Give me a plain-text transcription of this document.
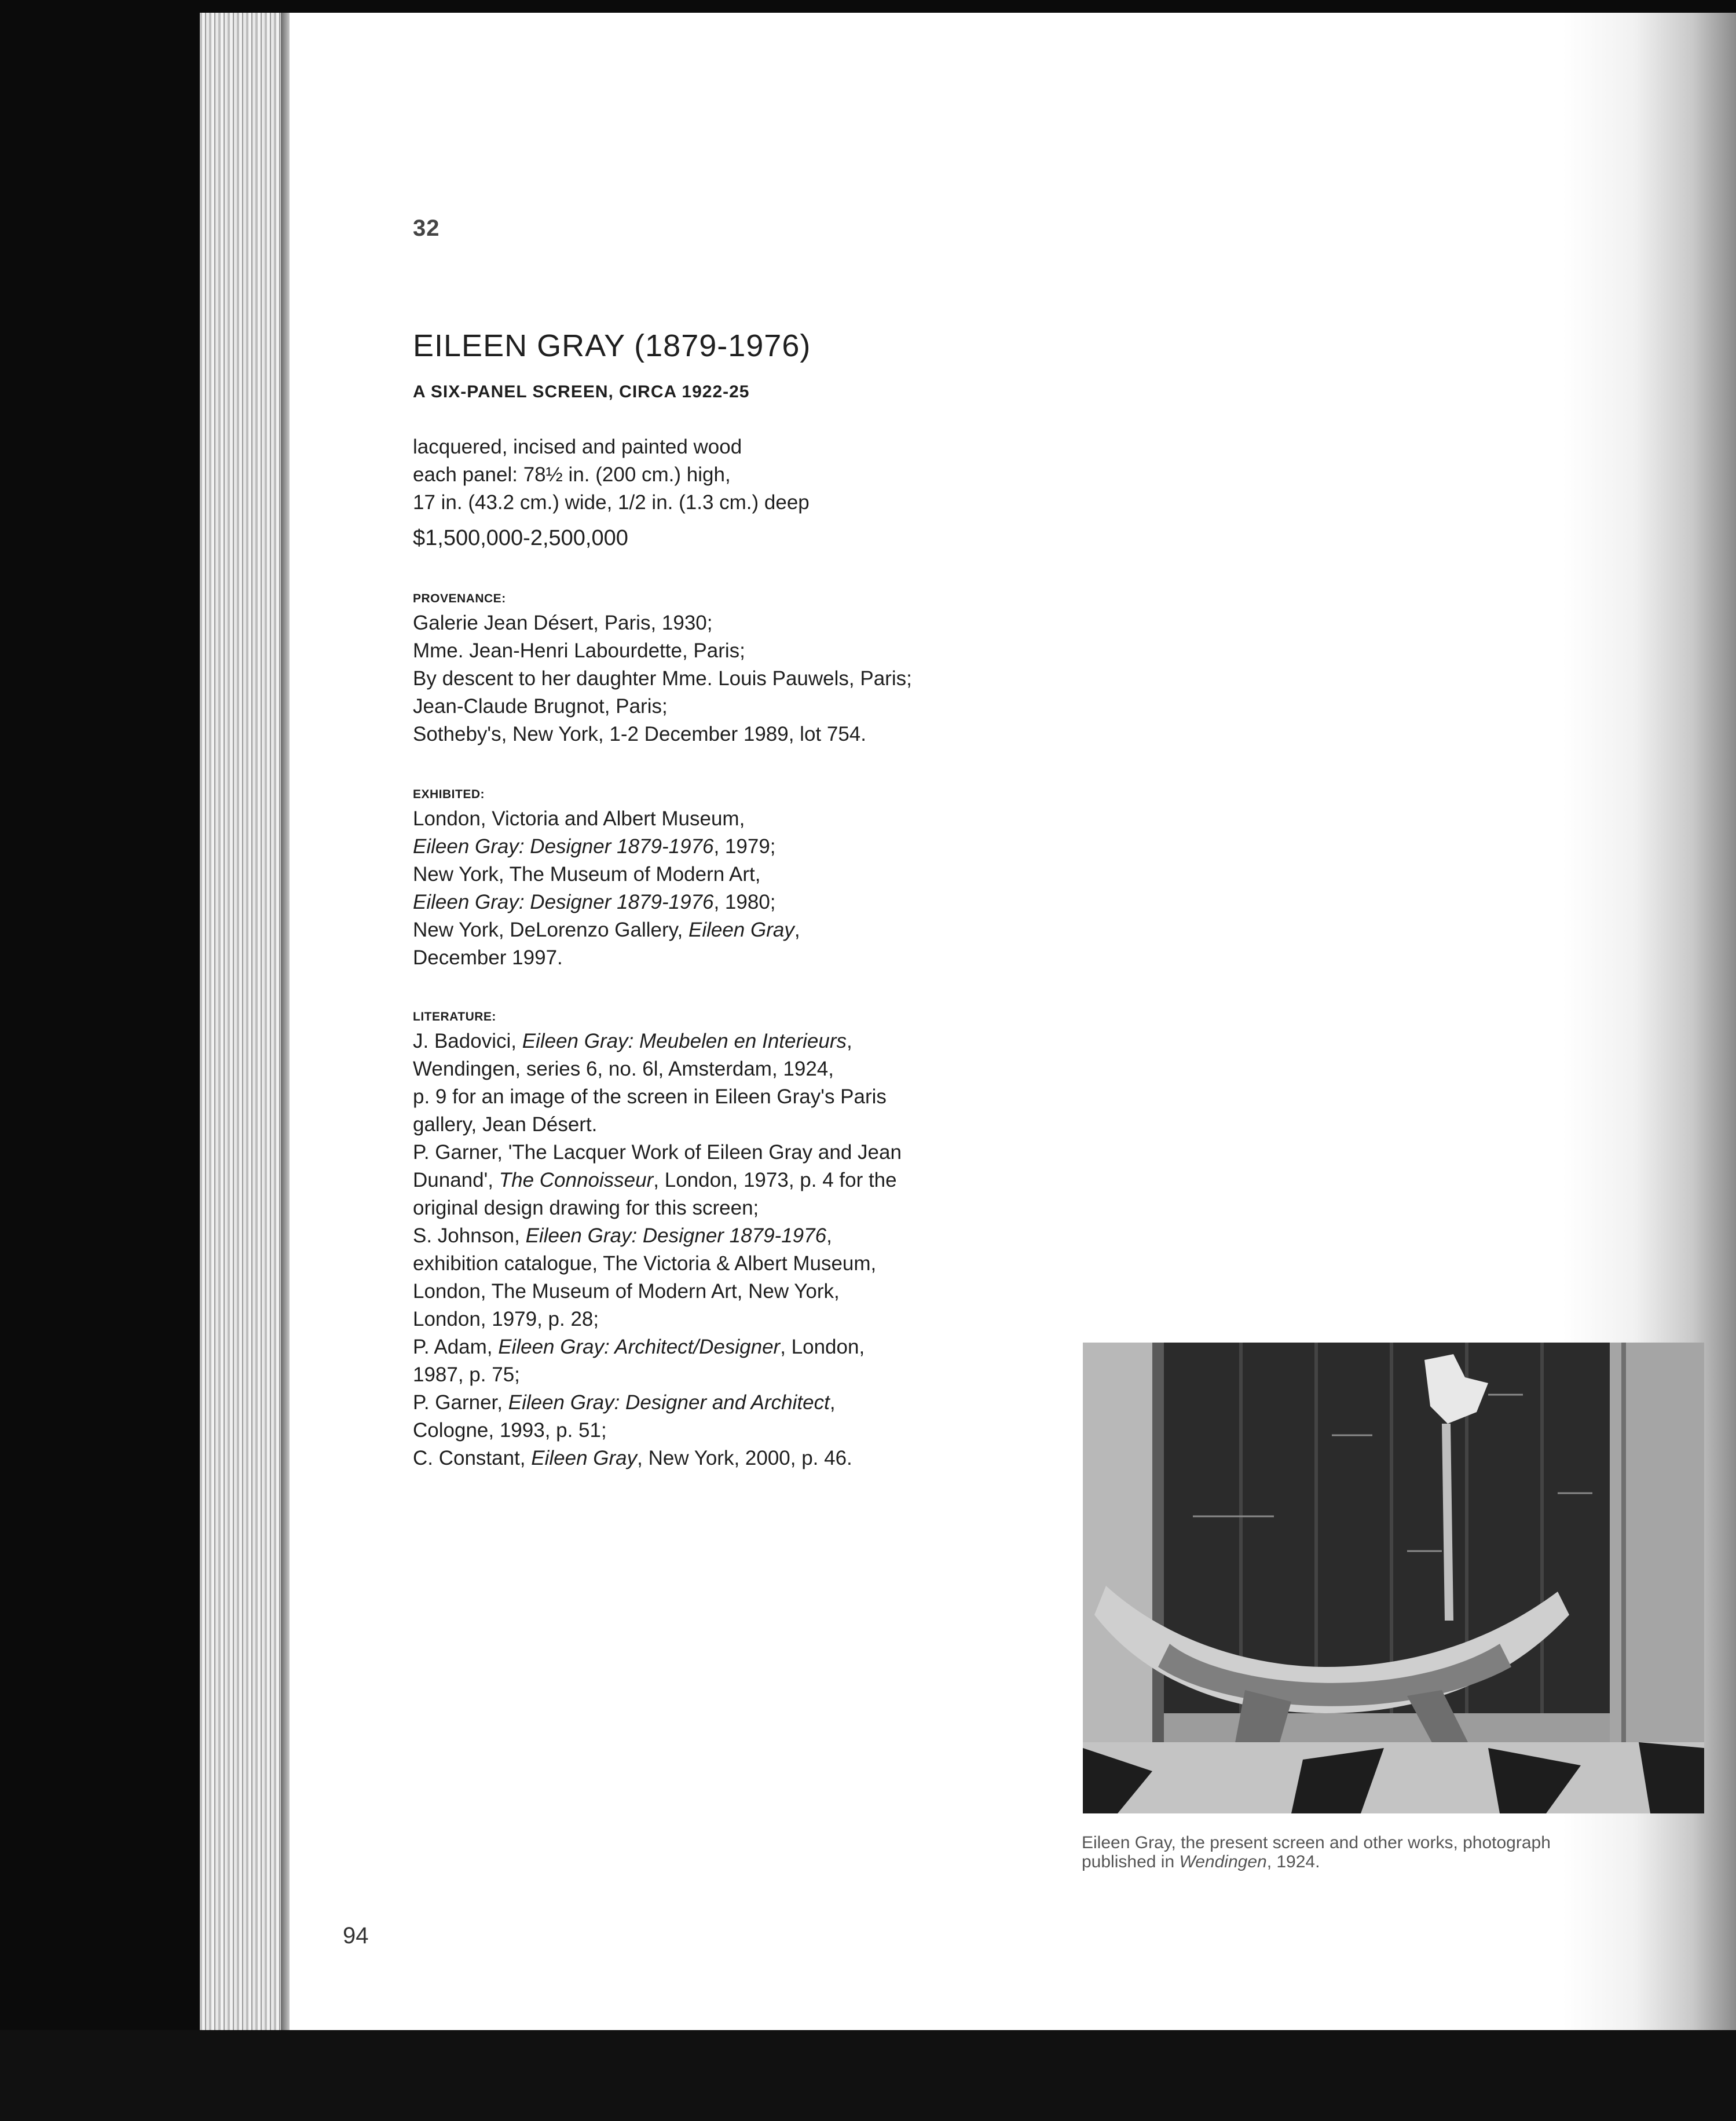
32
EILEEN GRAY (1879-1976)
A SIX-PANEL SCREEN, CIRCA 1922-25
lacquered, incised and painted wood
each panel: 78½ in. (200 cm.) high,
17 in. (43.2 cm.) wide, 1/2 in. (1.3 cm.) deep
$1,500,000-2,500,000
PROVENANCE:
Galerie Jean Désert, Paris, 1930;
Mme. Jean-Henri Labourdette, Paris;
By descent to her daughter Mme. Louis Pauwels, Paris;
Jean-Claude Brugnot, Paris;
Sotheby's, New York, 1-2 December 1989, lot 754.
EXHIBITED:
London, Victoria and Albert Museum,
Eileen Gray: Designer 1879-1976, 1979;
New York, The Museum of Modern Art,
Eileen Gray: Designer 1879-1976, 1980;
New York, DeLorenzo Gallery, Eileen Gray,
December 1997.
LITERATURE:
J. Badovici, Eileen Gray: Meubelen en Interieurs,
Wendingen, series 6, no. 6l, Amsterdam, 1924,
p. 9 for an image of the screen in Eileen Gray's Paris
gallery, Jean Désert.
P. Garner, 'The Lacquer Work of Eileen Gray and Jean
Dunand', The Connoisseur, London, 1973, p. 4 for the
original design drawing for this screen;
S. Johnson, Eileen Gray: Designer 1879-1976,
exhibition catalogue, The Victoria & Albert Museum,
London, The Museum of Modern Art, New York,
London, 1979, p. 28;
P. Adam, Eileen Gray: Architect/Designer, London,
1987, p. 75;
P. Garner, Eileen Gray: Designer and Architect,
Cologne, 1993, p. 51;
C. Constant, Eileen Gray, New York, 2000, p. 46.
Eileen Gray, the present screen and other works, photograph
published in Wendingen, 1924.
94
